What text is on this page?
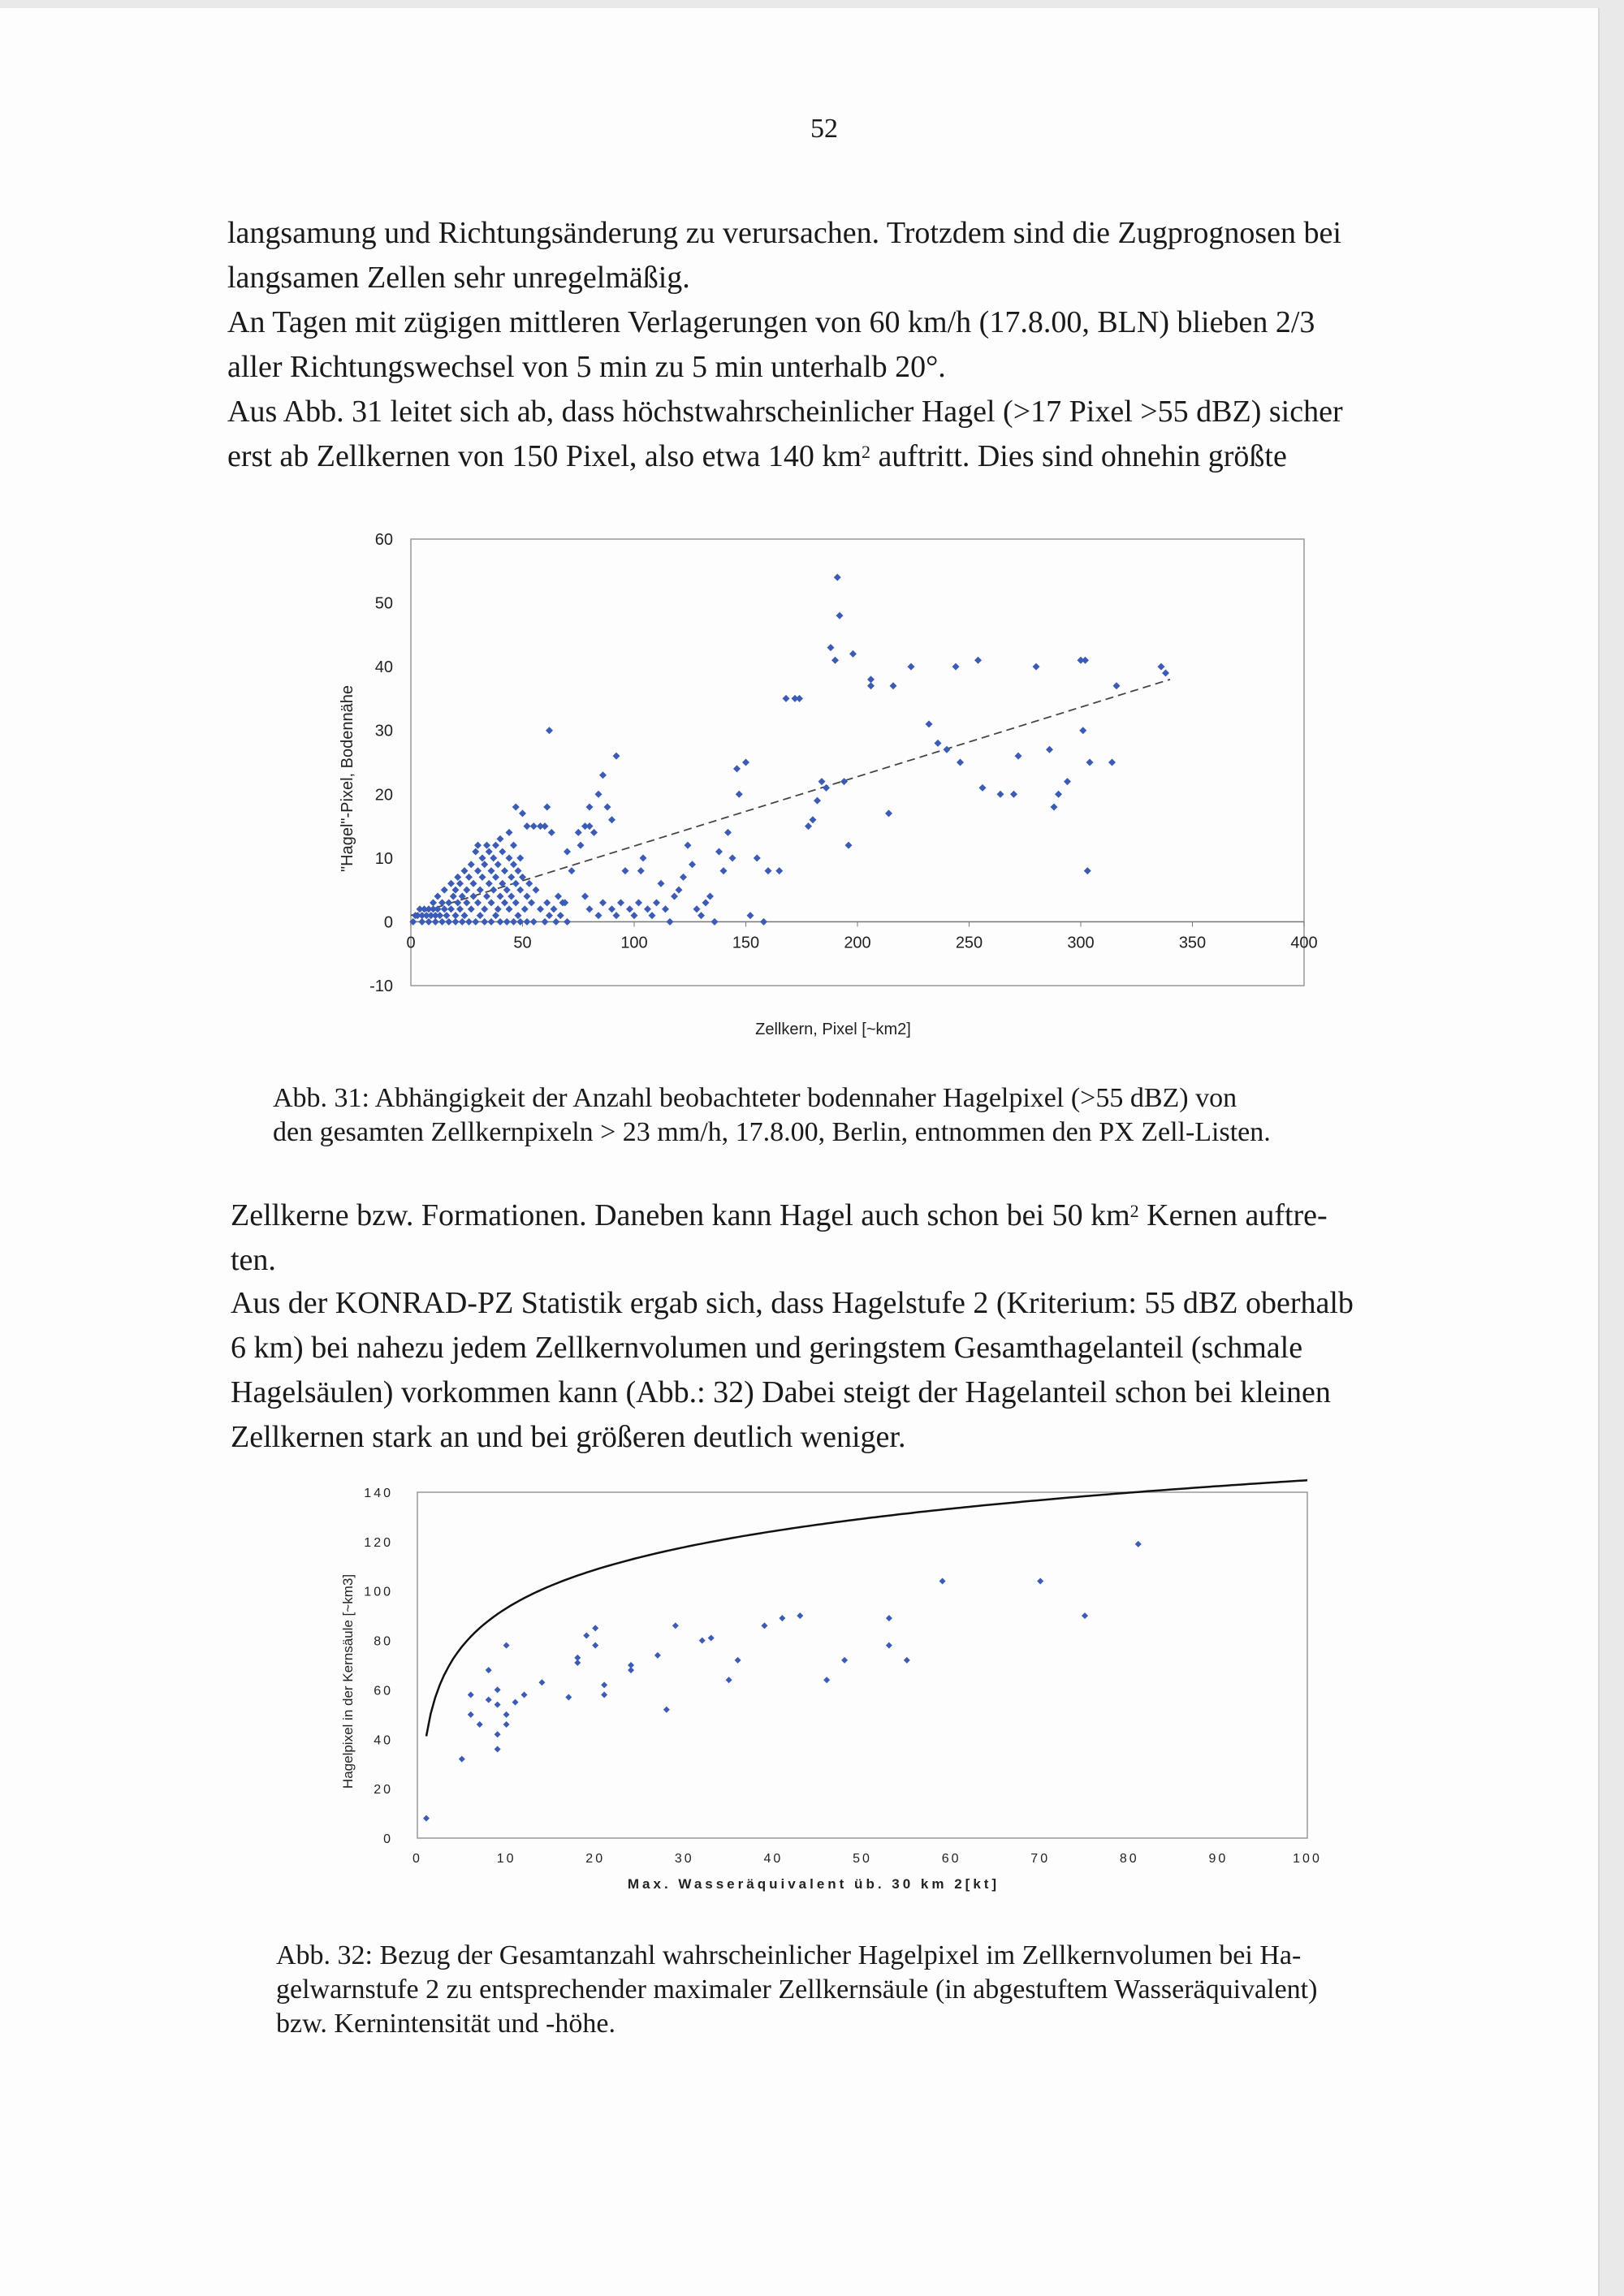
52

langsamung und Richtungsänderung zu verursachen. Trotzdem sind die Zugprognosen bei
langsamen Zellen sehr unregelmäßig.

An Tagen mit zügigen mittleren Verlagerungen von 60 km/h (17.8.00, BLN) blieben 2/3
aller Richtungswechsel von 5 min zu 5 min unterhalb 20°.

Aus Abb. 31 leitet sich ab, dass höchstwahrscheinlicher Hagel (>17 Pixel >55 dBZ) sicher
erst ab Zellkernen von 150 Pixel, also etwa 140 $km^2$ auftritt. Dies sind ohnehin größte

-10
0
10
20
30
40
50
60
0	50	100	150	200	250	300	350	400
Zellkern, Pixel [~km2]
"Hagel"-Pixel, Bodennähe

Abb. 31: Abhängigkeit der Anzahl beobachteter bodennaher Hagelpixel (>55 dBZ) von
den gesamten Zellkernpixeln > 23 mm/h, 17.8.00, Berlin, entnommen den PX Zell-Listen.

Zellkerne bzw. Formationen. Daneben kann Hagel auch schon bei 50 $km^2$ Kernen auftre-
ten.

Aus der KONRAD-PZ Statistik ergab sich, dass Hagelstufe 2 (Kriterium: 55 dBZ oberhalb
6 km) bei nahezu jedem Zellkernvolumen und geringstem Gesamthagelanteil (schmale
Hagelsäulen) vorkommen kann (Abb.: 32) Dabei steigt der Hagelanteil schon bei kleinen
Zellkernen stark an und bei größeren deutlich weniger.

0
20
40
60
80
100
120
140
0	10	20	30	40	50	60	70	80	90	100
Max. Wasseräquivalent üb. 30 km 2[kt]
Hagelpixel in der Kernsäule [~km3]

Abb. 32: Bezug der Gesamtanzahl wahrscheinlicher Hagelpixel im Zellkernvolumen bei Ha-
gelwarnstufe 2 zu entsprechender maximaler Zellkernsäule (in abgestuftem Wasseräquivalent)
bzw. Kernintensität und -höhe.
